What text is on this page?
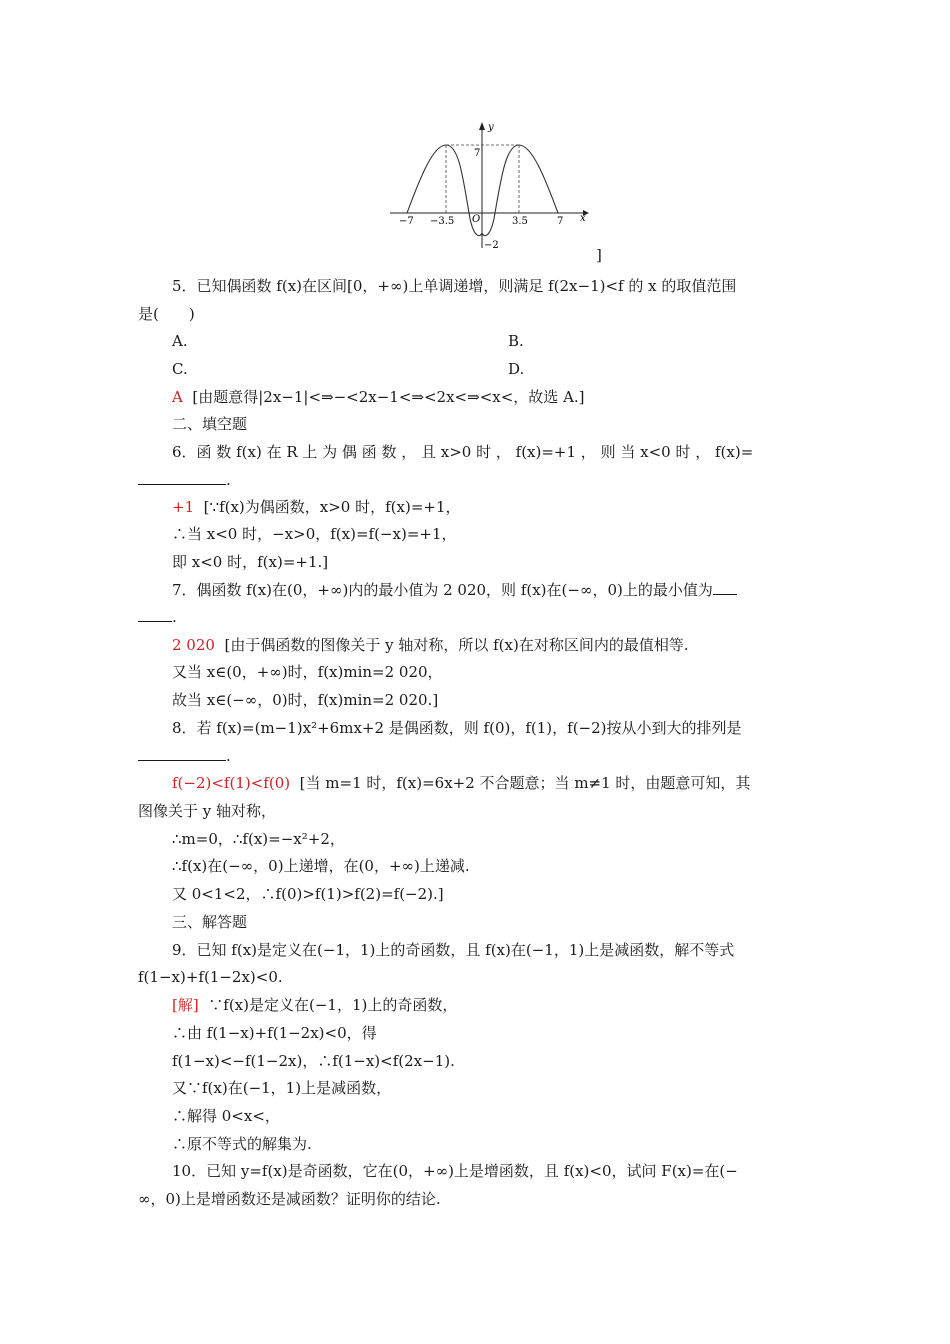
y
x
7
O
−7 −3.5	3.5	7
−2
]
5．已知偶函数 f(x)在区间[0，+∞)上单调递增，则满足 f(2x−1)<f 的 x 的取值范围
是(　　)
A.	B.
C.	D.
A [由题意得|2x−1|<⇒−<2x−1<⇒<2x<⇒<x<，故选 A.]
二、填空题
6．函 数 f(x) 在 R 上 为 偶 函 数 ， 且 x>0 时 ， f(x)=+1 ， 则 当 x<0 时 ， f(x)=
.
+1 [∵f(x)为偶函数，x>0 时，f(x)=+1，
∴当 x<0 时，−x>0，f(x)=f(−x)=+1，
即 x<0 时，f(x)=+1.]
7．偶函数 f(x)在(0，+∞)内的最小值为 2 020，则 f(x)在(−∞，0)上的最小值为
.
2 020 [由于偶函数的图像关于 y 轴对称，所以 f(x)在对称区间内的最值相等.
又当 x∈(0，+∞)时，f(x)min=2 020，
故当 x∈(−∞，0)时，f(x)min=2 020.]
8．若 f(x)=(m−1)x²+6mx+2 是偶函数，则 f(0)，f(1)，f(−2)按从小到大的排列是
.
f(−2)<f(1)<f(0) [当 m=1 时，f(x)=6x+2 不合题意；当 m≠1 时，由题意可知，其
图像关于 y 轴对称，
∴m=0，∴f(x)=−x²+2，
∴f(x)在(−∞，0)上递增，在(0，+∞)上递减.
又 0<1<2，∴f(0)>f(1)>f(2)=f(−2).]
三、解答题
9．已知 f(x)是定义在(−1，1)上的奇函数，且 f(x)在(−1，1)上是减函数，解不等式
f(1−x)+f(1−2x)<0.
[解] ∵f(x)是定义在(−1，1)上的奇函数，
∴由 f(1−x)+f(1−2x)<0，得
f(1−x)<−f(1−2x)，∴f(1−x)<f(2x−1).
又∵f(x)在(−1，1)上是减函数，
∴解得 0<x<，
∴原不等式的解集为.
10．已知 y=f(x)是奇函数，它在(0，+∞)上是增函数，且 f(x)<0，试问 F(x)=在(−
∞，0)上是增函数还是减函数？证明你的结论.
